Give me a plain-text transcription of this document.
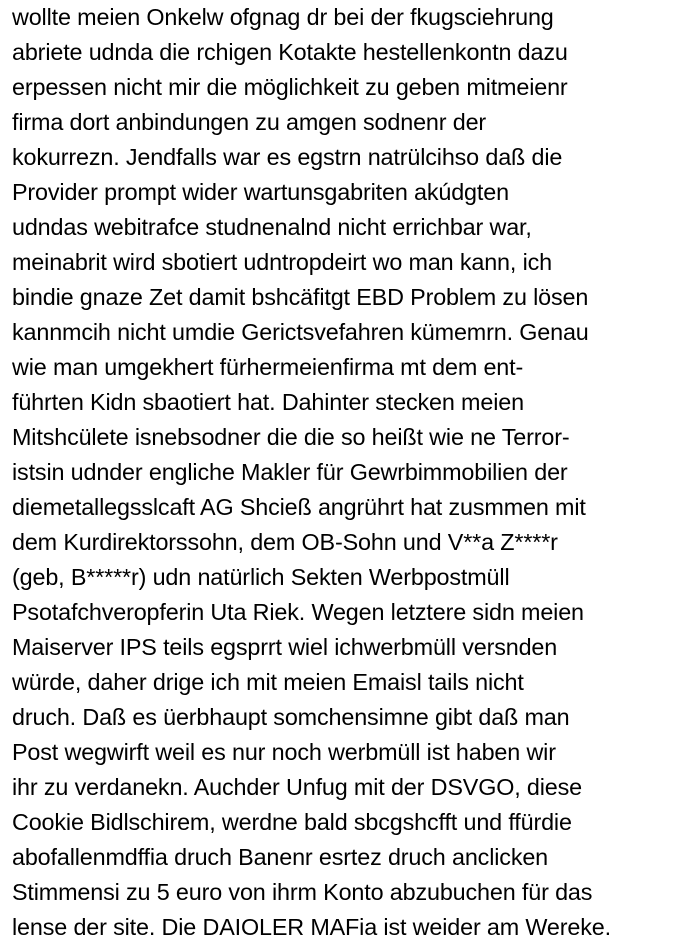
wollte meien Onkelw ofgnag dr bei der fkugsciehrung
abriete udnda die rchigen Kotakte hestellenkontn dazu
erpessen nicht mir die möglichkeit zu geben mitmeienr
firma dort anbindungen zu amgen sodnenr der
kokurrezn. Jendfalls war es egstrn natrülcihso daß die
Provider prompt wider wartunsgabriten akúdgten
udndas webitrafce studnenalnd nicht errichbar war,
meinabrit wird sbotiert udntropdeirt wo man kann, ich
bindie gnaze Zet damit bshcäfitgt EBD Problem zu lösen
kannmcih nicht umdie Gerictsvefahren kümemrn. Genau
wie man umgekhert fürhermeienfirma mt dem ent-
führten Kidn sbaotiert hat. Dahinter stecken meien
Mitshcülete isnebsodner die die so heißt wie ne Terror-
istsin udnder engliche Makler für Gewrbimmobilien der
diemetallegsslcaft AG Shcieß angrührt hat zusmmen mit
dem Kurdirektorssohn, dem OB-Sohn und V**a Z****r
(geb, B*****r) udn natürlich Sekten Werbpostmüll
Psotafchveropferin Uta Riek. Wegen letztere sidn meien
Maiserver IPS teils egsprrt wiel ichwerbmüll versnden
würde, daher drige ich mit meien Emaisl tails nicht
druch. Daß es üerbhaupt somchensimne gibt daß man
Post wegwirft weil es nur noch werbmüll ist haben wir
ihr zu verdanekn. Auchder Unfug mit der DSVGO, diese
Cookie Bidlschirem, werdne bald sbcgshcfft und ffürdie
abofallenmdffia druch Banenr esrtez druch anclicken
Stimmensi zu 5 euro von ihrm Konto abzubuchen für das
lense der site. Die DAIOLER MAFia ist weider am Wereke.
